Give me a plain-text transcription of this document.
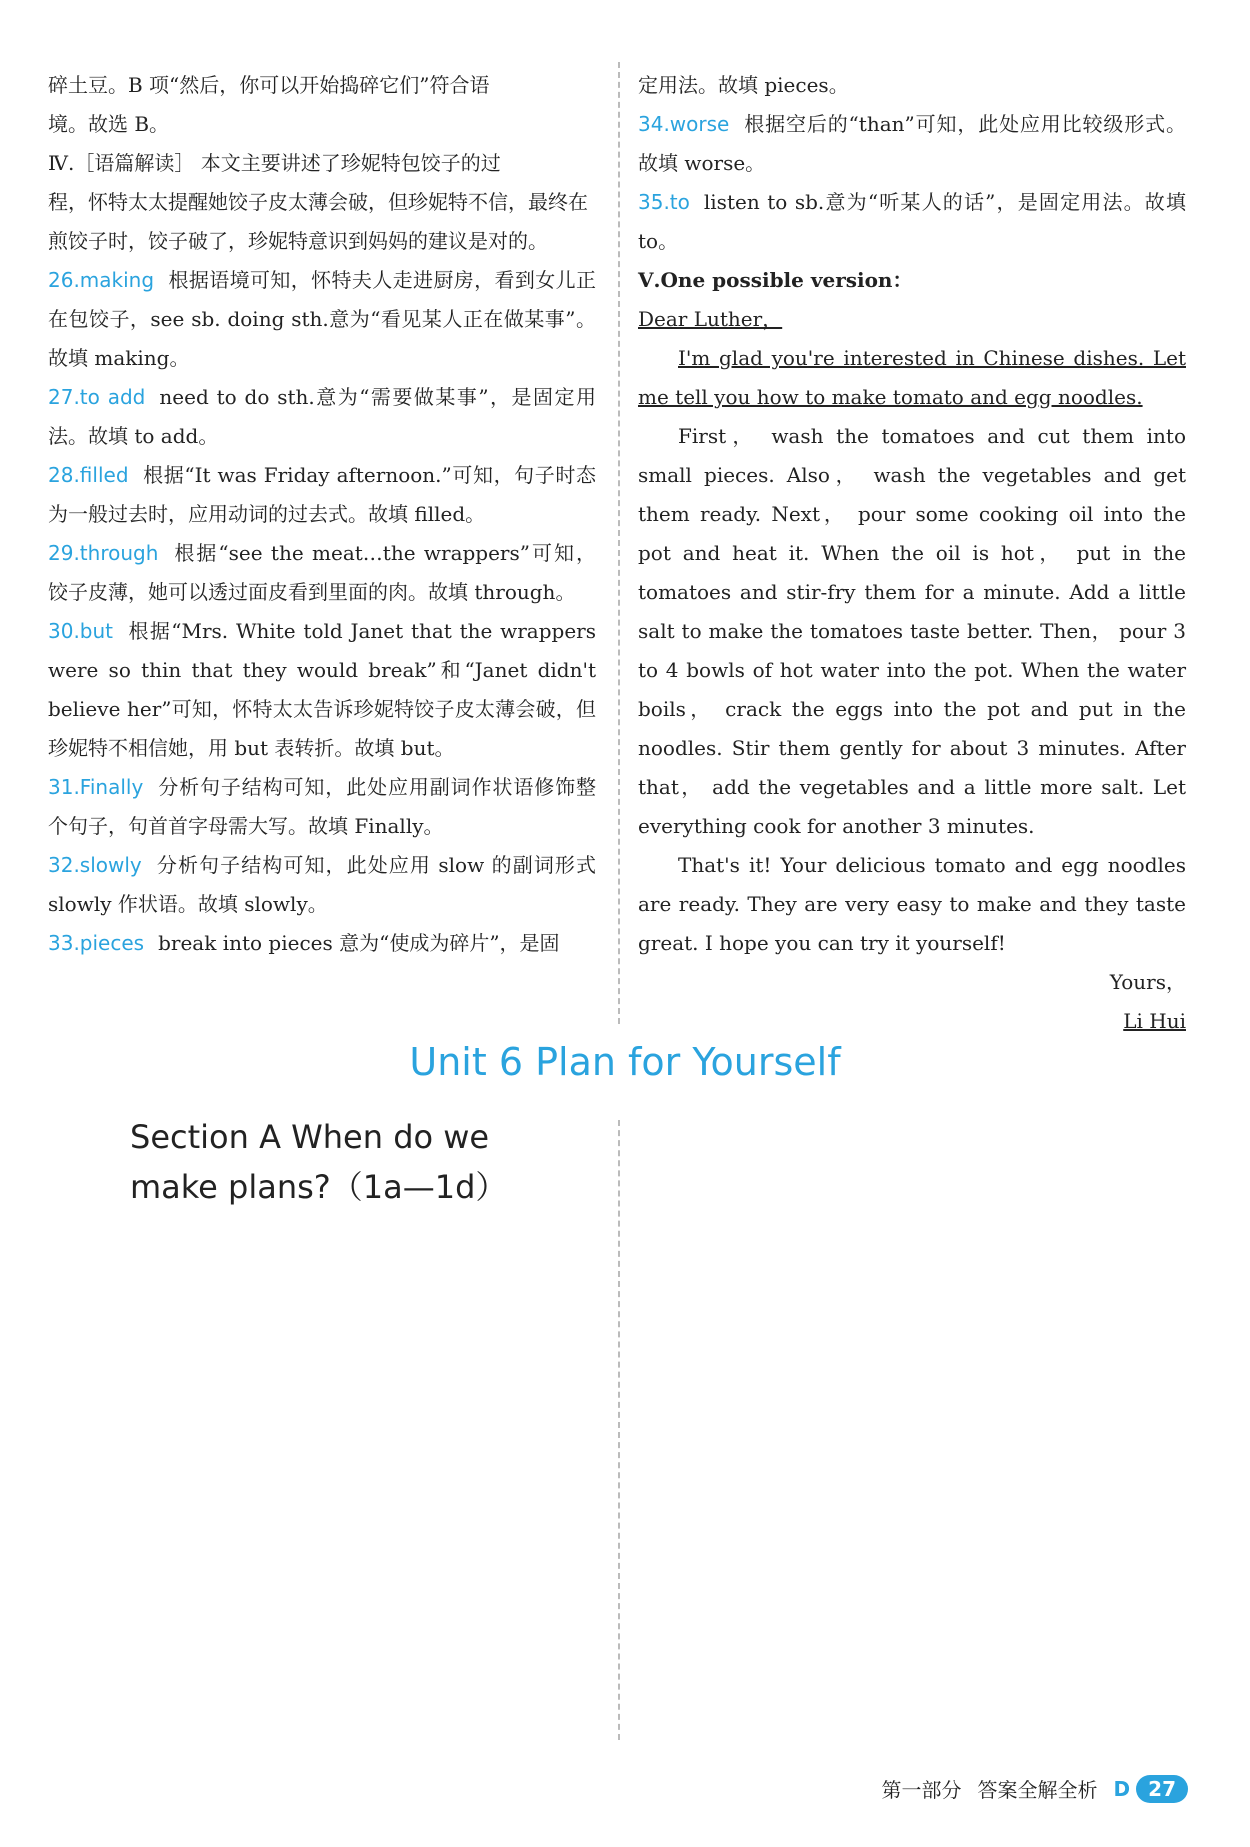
碎土豆。B 项“然后，你可以开始捣碎它们”符合语

境。故选 B。

Ⅳ.［语篇解读］ 本文主要讲述了珍妮特包饺子的过

程，怀特太太提醒她饺子皮太薄会破，但珍妮特不信，最终在

煎饺子时，饺子破了，珍妮特意识到妈妈的建议是对的。

26.making 根据语境可知，怀特夫人走进厨房，看到女儿正在包饺子，see sb. doing sth.意为“看见某人正在做某事”。故填 making。

27.to add need to do sth.意为“需要做某事”，是固定用法。故填 to add。

28.filled 根据“It was Friday afternoon.”可知，句子时态为一般过去时，应用动词的过去式。故填 filled。

29.through 根据“see the meat…the wrappers”可知，饺子皮薄，她可以透过面皮看到里面的肉。故填 through。

30.but 根据“Mrs. White told Janet that the wrappers were so thin that they would break”和“Janet didn't believe her”可知，怀特太太告诉珍妮特饺子皮太薄会破，但珍妮特不相信她，用 but 表转折。故填 but。

31.Finally 分析句子结构可知，此处应用副词作状语修饰整个句子，句首首字母需大写。故填 Finally。

32.slowly 分析句子结构可知，此处应用 slow 的副词形式 slowly 作状语。故填 slowly。

33.pieces break into pieces 意为“使成为碎片”，是固

定用法。故填 pieces。

34.worse 根据空后的“than”可知，此处应用比较级形式。故填 worse。

35.to listen to sb.意为“听某人的话”，是固定用法。故填 to。

Ⅴ.One possible version：

Dear Luther，

I'm glad you're interested in Chinese dishes. Let me tell you how to make tomato and egg noodles.

First， wash the tomatoes and cut them into small pieces. Also， wash the vegetables and get them ready. Next， pour some cooking oil into the pot and heat it. When the oil is hot， put in the tomatoes and stir-fry them for a minute. Add a little salt to make the tomatoes taste better. Then， pour 3 to 4 bowls of hot water into the pot. When the water boils， crack the eggs into the pot and put in the noodles. Stir them gently for about 3 minutes. After that， add the vegetables and a little more salt. Let everything cook for another 3 minutes.

That's it! Your delicious tomato and egg noodles are ready. They are very easy to make and they taste great. I hope you can try it yourself!

Yours，

Li Hui

Unit 6 Plan for Yourself
Section A When do we
make plans?（1a—1d）
第一部分 答案全解全析 D 27
